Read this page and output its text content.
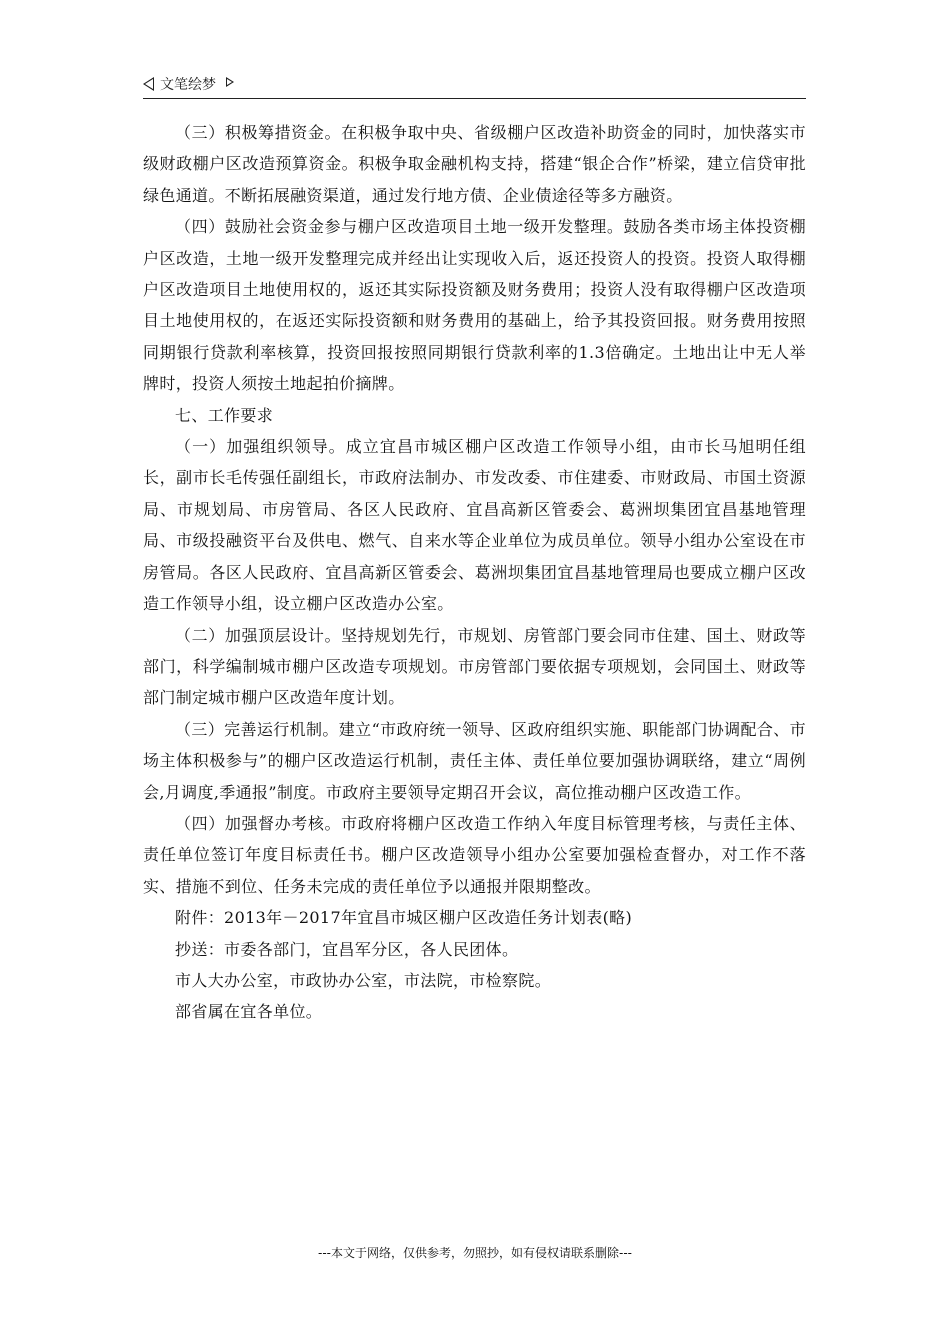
文笔绘梦

（三）积极筹措资金。在积极争取中央、省级棚户区改造补助资金的同时，加快落实市级财政棚户区改造预算资金。积极争取金融机构支持，搭建“银企合作”桥梁，建立信贷审批绿色通道。不断拓展融资渠道，通过发行地方债、企业债途径等多方融资。

（四）鼓励社会资金参与棚户区改造项目土地一级开发整理。鼓励各类市场主体投资棚户区改造，土地一级开发整理完成并经出让实现收入后，返还投资人的投资。投资人取得棚户区改造项目土地使用权的，返还其实际投资额及财务费用；投资人没有取得棚户区改造项目土地使用权的，在返还实际投资额和财务费用的基础上，给予其投资回报。财务费用按照同期银行贷款利率核算，投资回报按照同期银行贷款利率的1.3倍确定。土地出让中无人举牌时，投资人须按土地起拍价摘牌。

七、工作要求

（一）加强组织领导。成立宜昌市城区棚户区改造工作领导小组，由市长马旭明任组长，副市长毛传强任副组长，市政府法制办、市发改委、市住建委、市财政局、市国土资源局、市规划局、市房管局、各区人民政府、宜昌高新区管委会、葛洲坝集团宜昌基地管理局、市级投融资平台及供电、燃气、自来水等企业单位为成员单位。领导小组办公室设在市房管局。各区人民政府、宜昌高新区管委会、葛洲坝集团宜昌基地管理局也要成立棚户区改造工作领导小组，设立棚户区改造办公室。

（二）加强顶层设计。坚持规划先行，市规划、房管部门要会同市住建、国土、财政等部门，科学编制城市棚户区改造专项规划。市房管部门要依据专项规划，会同国土、财政等部门制定城市棚户区改造年度计划。

（三）完善运行机制。建立“市政府统一领导、区政府组织实施、职能部门协调配合、市场主体积极参与”的棚户区改造运行机制，责任主体、责任单位要加强协调联络，建立“周例会,月调度,季通报”制度。市政府主要领导定期召开会议，高位推动棚户区改造工作。

（四）加强督办考核。市政府将棚户区改造工作纳入年度目标管理考核，与责任主体、责任单位签订年度目标责任书。棚户区改造领导小组办公室要加强检查督办，对工作不落实、措施不到位、任务未完成的责任单位予以通报并限期整改。

附件：2013年－2017年宜昌市城区棚户区改造任务计划表(略)

抄送：市委各部门，宜昌军分区，各人民团体。

市人大办公室，市政协办公室，市法院，市检察院。

部省属在宜各单位。

---本文于网络，仅供参考，勿照抄，如有侵权请联系删除---
